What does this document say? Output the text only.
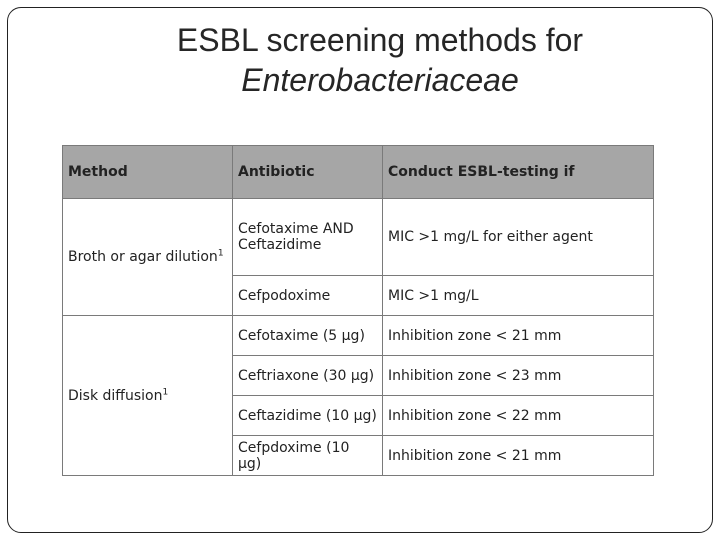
ESBL screening methods for
Enterobacteriaceae
Method	Antibiotic	Conduct ESBL-testing if
Broth or agar dilution$^1$	Cefotaxime AND Ceftazidime	MIC >1 mg/L for either agent
	Cefpodoxime	MIC >1 mg/L
Disk diffusion$^1$	Cefotaxime (5 µg)	Inhibition zone < 21 mm
	Ceftriaxone (30 µg)	Inhibition zone < 23 mm
	Ceftazidime (10 µg)	Inhibition zone < 22 mm
	Cefpdoxime (10 µg)	Inhibition zone < 21 mm
